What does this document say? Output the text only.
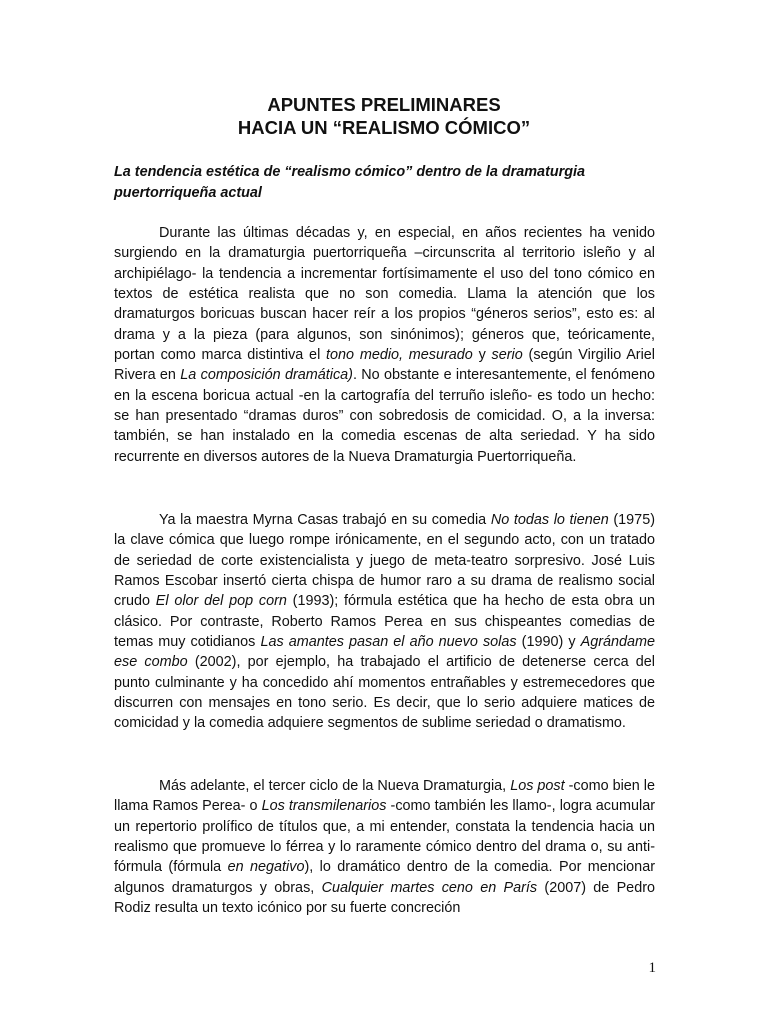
APUNTES PRELIMINARES
HACIA UN “REALISMO CÓMICO”
La tendencia estética de “realismo cómico” dentro de la dramaturgia puertorriqueña actual

Durante las últimas décadas y, en especial, en años recientes ha venido surgiendo en la dramaturgia puertorriqueña –circunscrita al territorio isleño y al archipiélago- la tendencia a incrementar fortísimamente el uso del tono cómico en textos de estética realista que no son comedia. Llama la atención que los dramaturgos boricuas buscan hacer reír a los propios “géneros serios”, esto es: al drama y a la pieza (para algunos, son sinónimos); géneros que, teóricamente, portan como marca distintiva el tono medio, mesurado y serio (según Virgilio Ariel Rivera en La composición dramática). No obstante e interesantemente, el fenómeno en la escena boricua actual -en la cartografía del terruño isleño- es todo un hecho: se han presentado “dramas duros” con sobredosis de comicidad. O, a la inversa: también, se han instalado en la comedia escenas de alta seriedad. Y ha sido recurrente en diversos autores de la Nueva Dramaturgia Puertorriqueña.

Ya la maestra Myrna Casas trabajó en su comedia No todas lo tienen (1975) la clave cómica que luego rompe irónicamente, en el segundo acto, con un tratado de seriedad de corte existencialista y juego de meta-teatro sorpresivo. José Luis Ramos Escobar insertó cierta chispa de humor raro a su drama de realismo social crudo El olor del pop corn (1993); fórmula estética que ha hecho de esta obra un clásico. Por contraste, Roberto Ramos Perea en sus chispeantes comedias de temas muy cotidianos Las amantes pasan el año nuevo solas (1990) y Agrándame ese combo (2002), por ejemplo, ha trabajado el artificio de detenerse cerca del punto culminante y ha concedido ahí momentos entrañables y estremecedores que discurren con mensajes en tono serio. Es decir, que lo serio adquiere matices de comicidad y la comedia adquiere segmentos de sublime seriedad o dramatismo.

Más adelante, el tercer ciclo de la Nueva Dramaturgia, Los post -como bien le llama Ramos Perea- o Los transmilenarios -como también les llamo-, logra acumular un repertorio prolífico de títulos que, a mi entender, constata la tendencia hacia un realismo que promueve lo férrea y lo raramente cómico dentro del drama o, su anti-fórmula (fórmula en negativo), lo dramático dentro de la comedia. Por mencionar algunos dramaturgos y obras, Cualquier martes ceno en París (2007) de Pedro Rodiz resulta un texto icónico por su fuerte concreción

1
